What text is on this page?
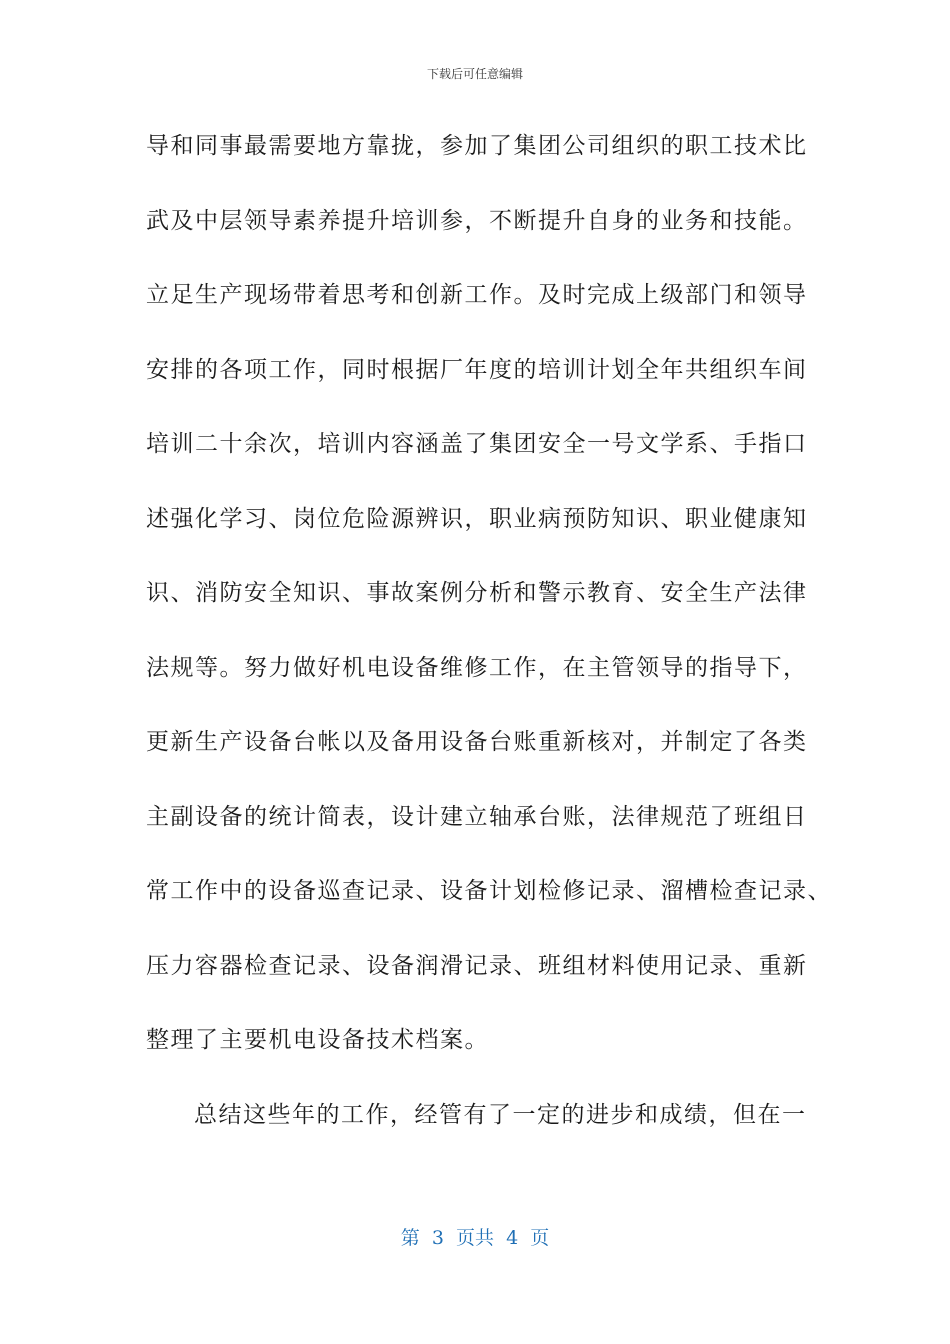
下载后可任意编辑
导和同事最需要地方靠拢，参加了集团公司组织的职工技术比
武及中层领导素养提升培训参，不断提升自身的业务和技能。
立足生产现场带着思考和创新工作。及时完成上级部门和领导
安排的各项工作，同时根据厂年度的培训计划全年共组织车间
培训二十余次，培训内容涵盖了集团安全一号文学系、手指口
述强化学习、岗位危险源辨识，职业病预防知识、职业健康知
识、消防安全知识、事故案例分析和警示教育、安全生产法律
法规等。努力做好机电设备维修工作，在主管领导的指导下，
更新生产设备台帐以及备用设备台账重新核对，并制定了各类
主副设备的统计简表，设计建立轴承台账，法律规范了班组日
常工作中的设备巡查记录、设备计划检修记录、溜槽检查记录、
压力容器检查记录、设备润滑记录、班组材料使用记录、重新
整理了主要机电设备技术档案。
总结这些年的工作，经管有了一定的进步和成绩，但在一
第  3  页共  4  页
